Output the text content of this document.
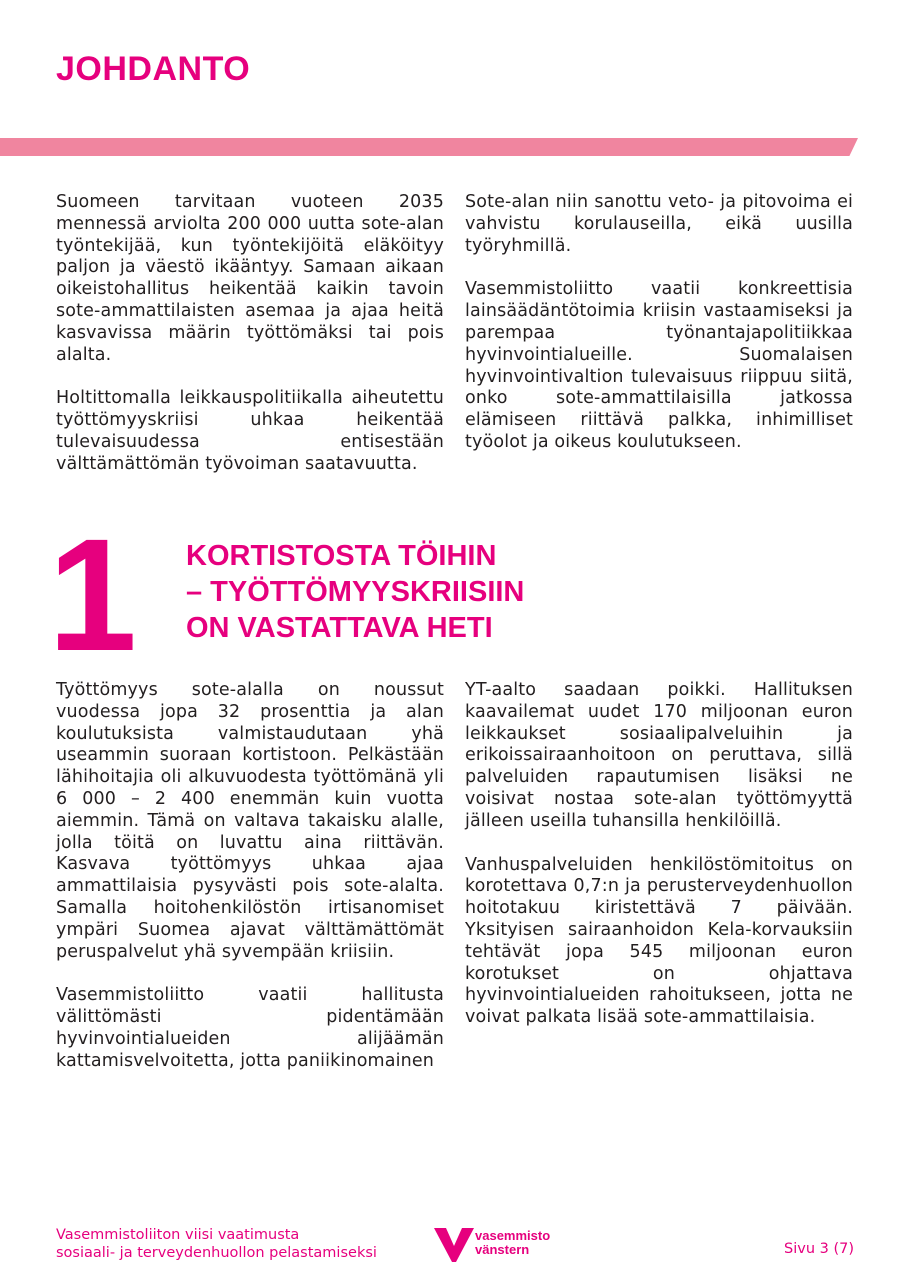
JOHDANTO

Suomeen tarvitaan vuoteen 2035 mennessä arviolta 200 000 uutta sote-alan työntekijää, kun työntekijöitä eläköityy paljon ja väestö ikääntyy. Samaan aikaan oikeistohallitus heikentää kaikin tavoin sote-ammattilaisten asemaa ja ajaa heitä kasvavissa määrin työttömäksi tai pois alalta.

Holtittomalla leikkauspolitiikalla aiheutettu työttömyyskriisi uhkaa heikentää tulevaisuudessa entisestään välttämättömän työvoiman saatavuutta.

Sote-alan niin sanottu veto- ja pitovoima ei vahvistu korulauseilla, eikä uusilla työryhmillä.

Vasemmistoliitto vaatii konkreettisia lainsäädäntötoimia kriisin vastaamiseksi ja parempaa työnantajapolitiikkaa hyvinvointialueille. Suomalaisen hyvinvointivaltion tulevaisuus riippuu siitä, onko sote-ammattilaisilla jatkossa elämiseen riittävä palkka, inhimilliset työolot ja oikeus koulutukseen.

1 KORTISTOSTA TÖIHIN
– TYÖTTÖMYYSKRIISIIN
ON VASTATTAVA HETI

Työttömyys sote-alalla on noussut vuodessa jopa 32 prosenttia ja alan koulutuksista valmistaudutaan yhä useammin suoraan kortistoon. Pelkästään lähihoitajia oli alkuvuodesta työttömänä yli 6 000 – 2 400 enemmän kuin vuotta aiemmin. Tämä on valtava takaisku alalle, jolla töitä on luvattu aina riittävän. Kasvava työttömyys uhkaa ajaa ammattilaisia pysyvästi pois sote-alalta. Samalla hoitohenkilöstön irtisanomiset ympäri Suomea ajavat välttämättömät peruspalvelut yhä syvempään kriisiin.

Vasemmistoliitto vaatii hallitusta välittömästi pidentämään hyvinvointialueiden alijäämän kattamisvelvoitetta, jotta paniikinomainen

YT-aalto saadaan poikki. Hallituksen kaavailemat uudet 170 miljoonan euron leikkaukset sosiaalipalveluihin ja erikoissairaanhoitoon on peruttava, sillä palveluiden rapautumisen lisäksi ne voisivat nostaa sote-alan työttömyyttä jälleen useilla tuhansilla henkilöillä.

Vanhuspalveluiden henkilöstömitoitus on korotettava 0,7:n ja perusterveydenhuollon hoitotakuu kiristettävä 7 päivään. Yksityisen sairaanhoidon Kela-korvauksiin tehtävät jopa 545 miljoonan euron korotukset on ohjattava hyvinvointialueiden rahoitukseen, jotta ne voivat palkata lisää sote-ammattilaisia.

Vasemmistoliiton viisi vaatimusta
sosiaali- ja terveydenhuollon pelastamiseksi
vasemmisto
vänstern	Sivu 3 (7)
